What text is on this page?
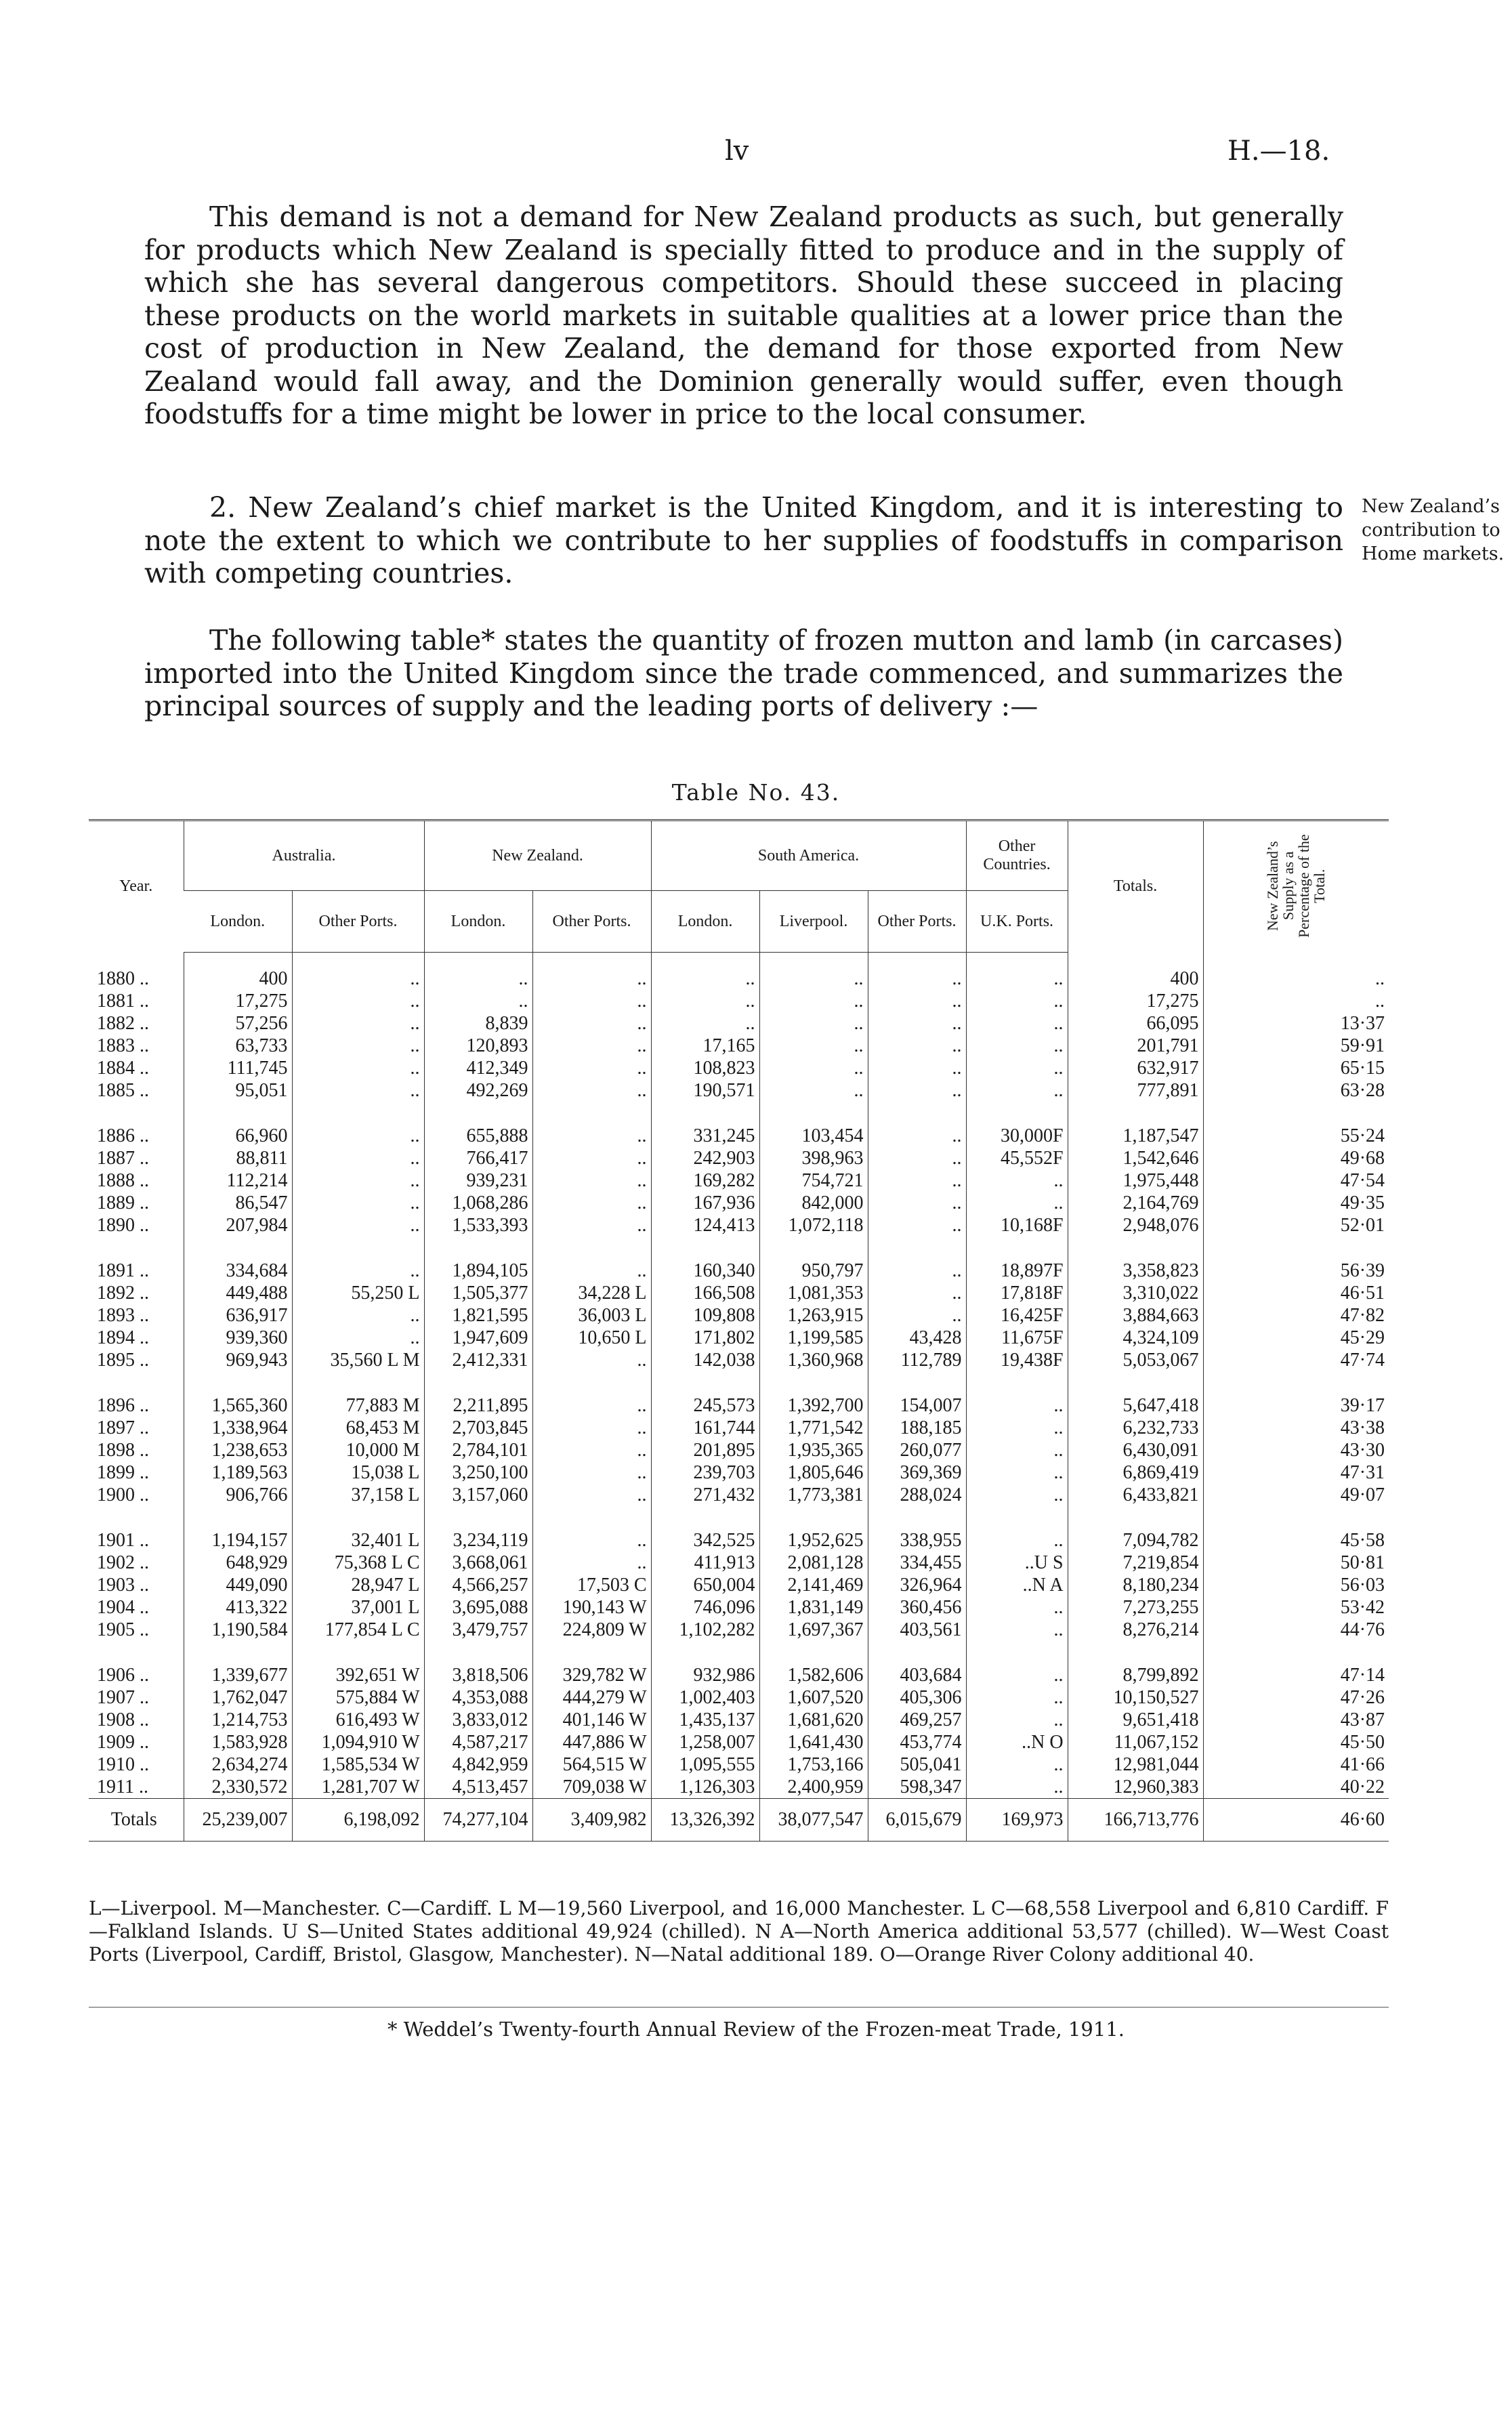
lv	H.—18.

This demand is not a demand for New Zealand products as such, but generally for products which New Zealand is specially fitted to produce and in the supply of which she has several dangerous competitors. Should these succeed in placing these products on the world markets in suitable qualities at a lower price than the cost of production in New Zealand, the demand for those exported from New Zealand would fall away, and the Dominion generally would suffer, even though foodstuffs for a time might be lower in price to the local consumer.

2. New Zealand’s chief market is the United Kingdom, and it is interesting to note the extent to which we contribute to her supplies of foodstuffs in comparison with competing countries.

New Zealand’s contribution to Home markets.

The following table* states the quantity of frozen mutton and lamb (in carcases) imported into the United Kingdom since the trade commenced, and summarizes the principal sources of supply and the leading ports of delivery :—

Table No. 43.
Year.	Australia.		New Zealand.		South America.			Other Countries.	Totals.	New Zealand’s Supply as a Percentage of the Total.
	London.	Other Ports.	London.	Other Ports.	London.	Liverpool.	Other Ports.	U.K. Ports.		
1880 ..	400	..	..	..	..	..	..	..	400	..
1881 ..	17,275	..	..	..	..	..	..	..	17,275	..
1882 ..	57,256	..	8,839	..	..	..	..	..	66,095	13·37
1883 ..	63,733	..	120,893	..	17,165	..	..	..	201,791	59·91
1884 ..	111,745	..	412,349	..	108,823	..	..	..	632,917	65·15
1885 ..	95,051	..	492,269	..	190,571	..	..	..	777,891	63·28

1886 ..	66,960	..	655,888	..	331,245	103,454	..	30,000F	1,187,547	55·24
1887 ..	88,811	..	766,417	..	242,903	398,963	..	45,552F	1,542,646	49·68
1888 ..	112,214	..	939,231	..	169,282	754,721	..	..	1,975,448	47·54
1889 ..	86,547	..	1,068,286	..	167,936	842,000	..	..	2,164,769	49·35
1890 ..	207,984	..	1,533,393	..	124,413	1,072,118	..	10,168F	2,948,076	52·01

1891 ..	334,684	..	1,894,105	..	160,340	950,797	..	18,897F	3,358,823	56·39
1892 ..	449,488	55,250 L	1,505,377	34,228 L	166,508	1,081,353	..	17,818F	3,310,022	46·51
1893 ..	636,917	..	1,821,595	36,003 L	109,808	1,263,915	..	16,425F	3,884,663	47·82
1894 ..	939,360	..	1,947,609	10,650 L	171,802	1,199,585	43,428	11,675F	4,324,109	45·29
1895 ..	969,943	35,560 L M	2,412,331	..	142,038	1,360,968	112,789	19,438F	5,053,067	47·74

1896 ..	1,565,360	77,883 M	2,211,895	..	245,573	1,392,700	154,007	..	5,647,418	39·17
1897 ..	1,338,964	68,453 M	2,703,845	..	161,744	1,771,542	188,185	..	6,232,733	43·38
1898 ..	1,238,653	10,000 M	2,784,101	..	201,895	1,935,365	260,077	..	6,430,091	43·30
1899 ..	1,189,563	15,038 L	3,250,100	..	239,703	1,805,646	369,369	..	6,869,419	47·31
1900 ..	906,766	37,158 L	3,157,060	..	271,432	1,773,381	288,024	..	6,433,821	49·07

1901 ..	1,194,157	32,401 L	3,234,119	..	342,525	1,952,625	338,955	..	7,094,782	45·58
1902 ..	648,929	75,368 L C	3,668,061	..	411,913	2,081,128	334,455	..U S	7,219,854	50·81
1903 ..	449,090	28,947 L	4,566,257	17,503 C	650,004	2,141,469	326,964	..N A	8,180,234	56·03
1904 ..	413,322	37,001 L	3,695,088	190,143 W	746,096	1,831,149	360,456	..	7,273,255	53·42
1905 ..	1,190,584	177,854 L C	3,479,757	224,809 W	1,102,282	1,697,367	403,561	..	8,276,214	44·76

1906 ..	1,339,677	392,651 W	3,818,506	329,782 W	932,986	1,582,606	403,684	..	8,799,892	47·14
1907 ..	1,762,047	575,884 W	4,353,088	444,279 W	1,002,403	1,607,520	405,306	..	10,150,527	47·26
1908 ..	1,214,753	616,493 W	3,833,012	401,146 W	1,435,137	1,681,620	469,257	..	9,651,418	43·87
1909 ..	1,583,928	1,094,910 W	4,587,217	447,886 W	1,258,007	1,641,430	453,774	..N O	11,067,152	45·50
1910 ..	2,634,274	1,585,534 W	4,842,959	564,515 W	1,095,555	1,753,166	505,041	..	12,981,044	41·66
1911 ..	2,330,572	1,281,707 W	4,513,457	709,038 W	1,126,303	2,400,959	598,347	..	12,960,383	40·22
Totals	25,239,007	6,198,092	74,277,104	3,409,982	13,326,392	38,077,547	6,015,679	169,973	166,713,776	46·60

L—Liverpool. M—Manchester. C—Cardiff. L M—19,560 Liverpool, and 16,000 Manchester. L C—68,558 Liverpool and 6,810 Cardiff. F—Falkland Islands. U S—United States additional 49,924 (chilled). N A—North America additional 53,577 (chilled). W—West Coast Ports (Liverpool, Cardiff, Bristol, Glasgow, Manchester). N—Natal additional 189. O—Orange River Colony additional 40.

* Weddel’s Twenty-fourth Annual Review of the Frozen-meat Trade, 1911.
